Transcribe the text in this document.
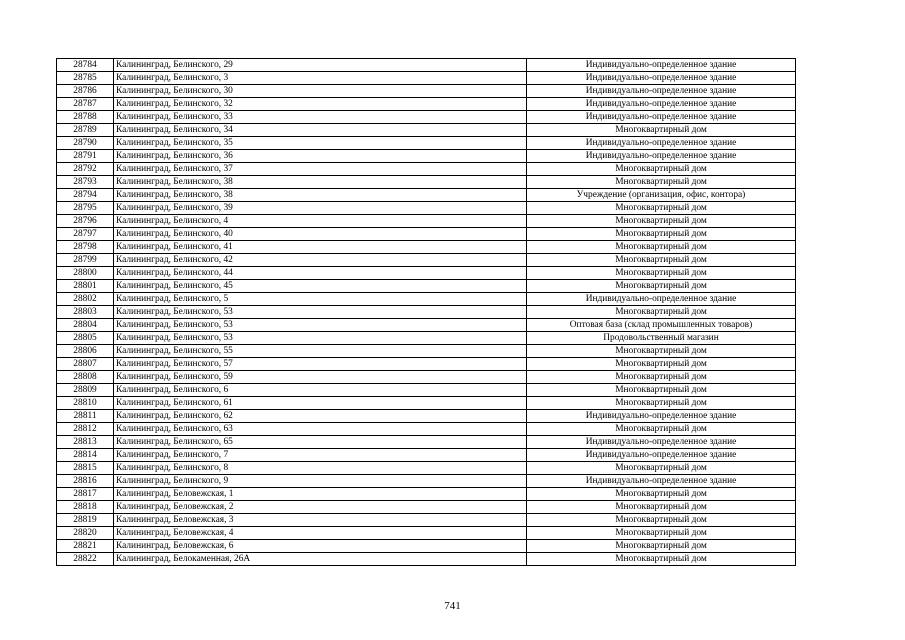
28784	Калининград, Белинского, 29	Индивидуально-определенное здание
28785	Калининград, Белинского, 3	Индивидуально-определенное здание
28786	Калининград, Белинского, 30	Индивидуально-определенное здание
28787	Калининград, Белинского, 32	Индивидуально-определенное здание
28788	Калининград, Белинского, 33	Индивидуально-определенное здание
28789	Калининград, Белинского, 34	Многоквартирный дом
28790	Калининград, Белинского, 35	Индивидуально-определенное здание
28791	Калининград, Белинского, 36	Индивидуально-определенное здание
28792	Калининград, Белинского, 37	Многоквартирный дом
28793	Калининград, Белинского, 38	Многоквартирный дом
28794	Калининград, Белинского, 38	Учреждение (организация, офис, контора)
28795	Калининград, Белинского, 39	Многоквартирный дом
28796	Калининград, Белинского, 4	Многоквартирный дом
28797	Калининград, Белинского, 40	Многоквартирный дом
28798	Калининград, Белинского, 41	Многоквартирный дом
28799	Калининград, Белинского, 42	Многоквартирный дом
28800	Калининград, Белинского, 44	Многоквартирный дом
28801	Калининград, Белинского, 45	Многоквартирный дом
28802	Калининград, Белинского, 5	Индивидуально-определенное здание
28803	Калининград, Белинского, 53	Многоквартирный дом
28804	Калининград, Белинского, 53	Оптовая база (склад промышленных товаров)
28805	Калининград, Белинского, 53	Продовольственный магазин
28806	Калининград, Белинского, 55	Многоквартирный дом
28807	Калининград, Белинского, 57	Многоквартирный дом
28808	Калининград, Белинского, 59	Многоквартирный дом
28809	Калининград, Белинского, 6	Многоквартирный дом
28810	Калининград, Белинского, 61	Многоквартирный дом
28811	Калининград, Белинского, 62	Индивидуально-определенное здание
28812	Калининград, Белинского, 63	Многоквартирный дом
28813	Калининград, Белинского, 65	Индивидуально-определенное здание
28814	Калининград, Белинского, 7	Индивидуально-определенное здание
28815	Калининград, Белинского, 8	Многоквартирный дом
28816	Калининград, Белинского, 9	Индивидуально-определенное здание
28817	Калининград, Беловежская, 1	Многоквартирный дом
28818	Калининград, Беловежская, 2	Многоквартирный дом
28819	Калининград, Беловежская, 3	Многоквартирный дом
28820	Калининград, Беловежская, 4	Многоквартирный дом
28821	Калининград, Беловежская, 6	Многоквартирный дом
28822	Калининград, Белокаменная, 26А	Многоквартирный дом
741
